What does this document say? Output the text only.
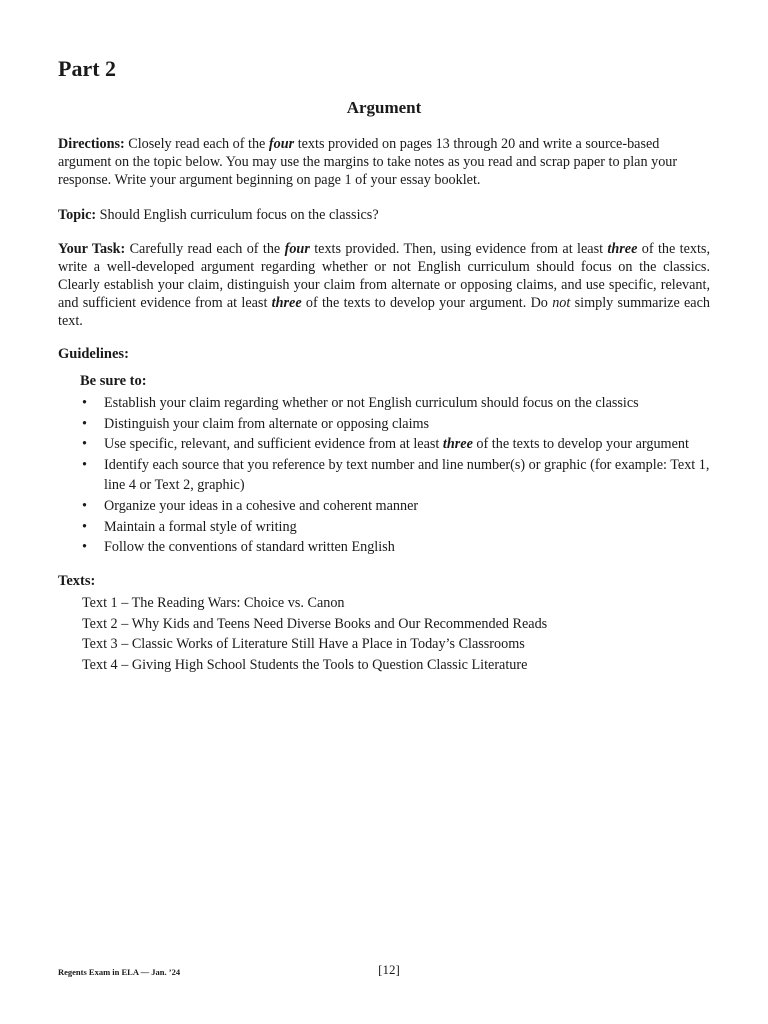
Part 2
Argument

Directions: Closely read each of the four texts provided on pages 13 through 20 and write a source-based argument on the topic below. You may use the margins to take notes as you read and scrap paper to plan your response. Write your argument beginning on page 1 of your essay booklet.

Topic: Should English curriculum focus on the classics?

Your Task: Carefully read each of the four texts provided. Then, using evidence from at least three of the texts, write a well-developed argument regarding whether or not English curriculum should focus on the classics. Clearly establish your claim, distinguish your claim from alternate or opposing claims, and use specific, relevant, and sufficient evidence from at least three of the texts to develop your argument. Do not simply summarize each text.

Guidelines:

Be sure to:

• Establish your claim regarding whether or not English curriculum should focus on the classics
• Distinguish your claim from alternate or opposing claims
• Use specific, relevant, and sufficient evidence from at least three of the texts to develop your argument
• Identify each source that you reference by text number and line number(s) or graphic (for example: Text 1, line 4 or Text 2, graphic)
• Organize your ideas in a cohesive and coherent manner
• Maintain a formal style of writing
• Follow the conventions of standard written English

Texts:

Text 1 – The Reading Wars: Choice vs. Canon
Text 2 – Why Kids and Teens Need Diverse Books and Our Recommended Reads
Text 3 – Classic Works of Literature Still Have a Place in Today’s Classrooms
Text 4 – Giving High School Students the Tools to Question Classic Literature
Regents Exam in ELA — Jan. ’24	[12]
